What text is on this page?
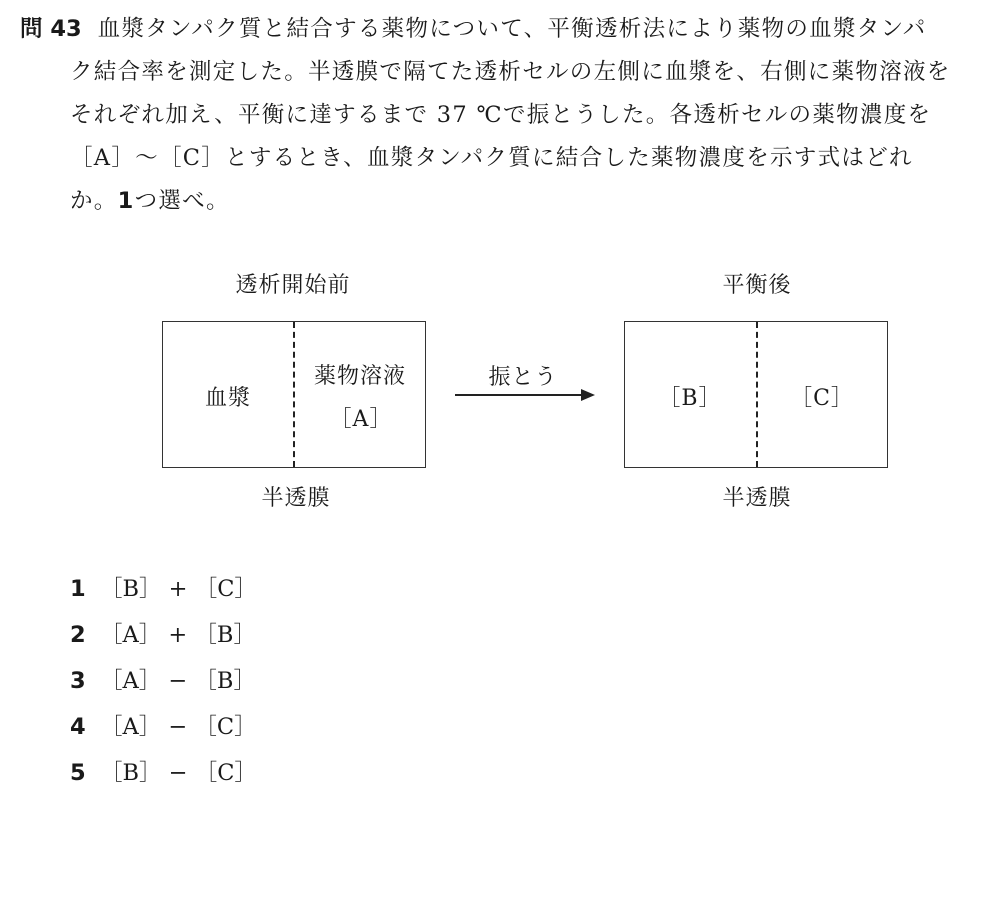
問 43 血漿タンパク質と結合する薬物について、平衡透析法により薬物の血漿タンパ
ク結合率を測定した。半透膜で隔てた透析セルの左側に血漿を、右側に薬物溶液を
それぞれ加え、平衡に達するまで 37 ℃で振とうした。各透析セルの薬物濃度を
［A］～［C］とするとき、血漿タンパク質に結合した薬物濃度を示す式はどれ
か。1つ選べ。
透析開始前
血漿
薬物溶液
［A］
半透膜
振とう
平衡後
［B］	［C］
半透膜
1 ［B］ + ［C］
2 ［A］ + ［B］
3 ［A］ − ［B］
4 ［A］ − ［C］
5 ［B］ − ［C］
